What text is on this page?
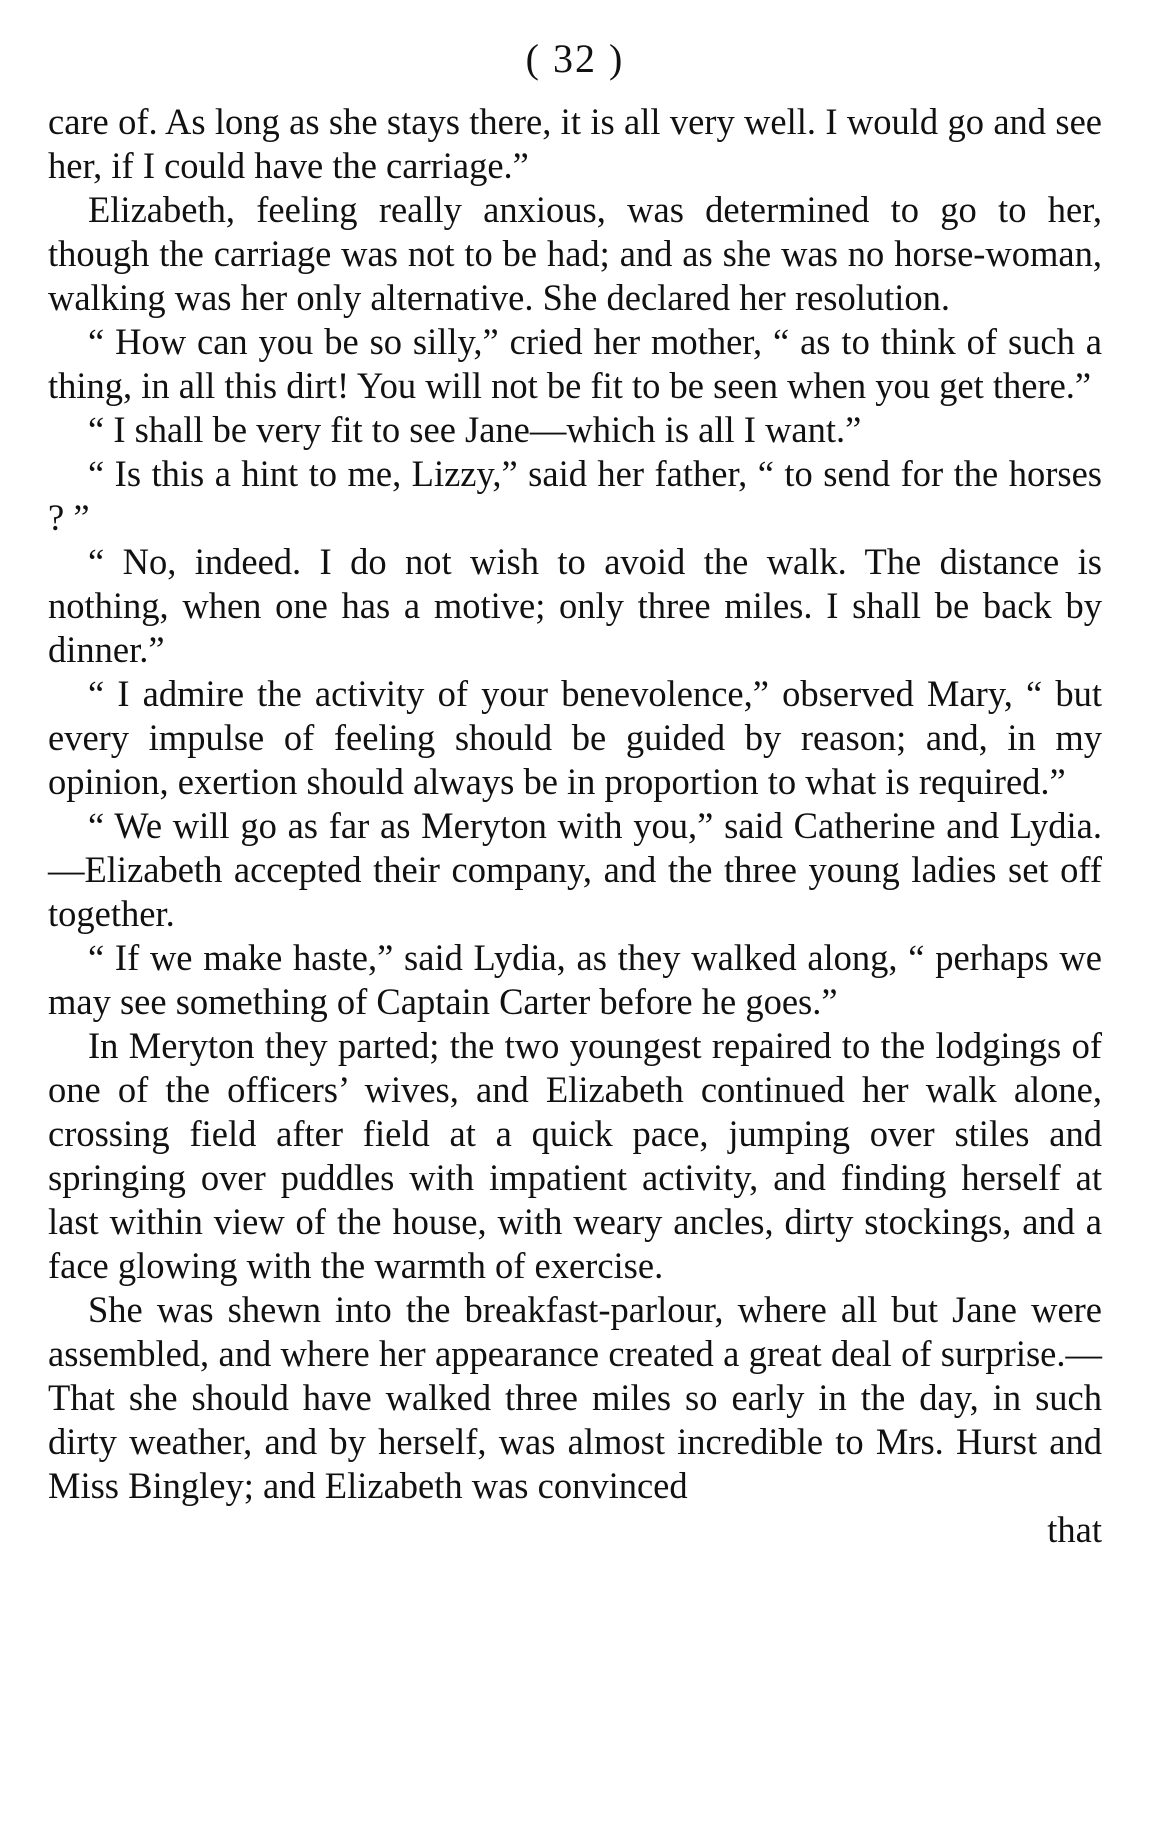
( 32 )

care of. As long as she stays there, it is all very well. I would go and see her, if I could have the carriage.”

Elizabeth, feeling really anxious, was determined to go to her, though the carriage was not to be had; and as she was no horse-woman, walking was her only alternative. She declared her resolution.

“ How can you be so silly,” cried her mother, “ as to think of such a thing, in all this dirt! You will not be fit to be seen when you get there.”

“ I shall be very fit to see Jane—which is all I want.”

“ Is this a hint to me, Lizzy,” said her father, “ to send for the horses ? ”

“ No, indeed. I do not wish to avoid the walk. The distance is nothing, when one has a motive; only three miles. I shall be back by dinner.”

“ I admire the activity of your benevolence,” observed Mary, “ but every impulse of feeling should be guided by reason; and, in my opinion, exertion should always be in proportion to what is required.”

“ We will go as far as Meryton with you,” said Catherine and Lydia.—Elizabeth accepted their company, and the three young ladies set off together.

“ If we make haste,” said Lydia, as they walked along, “ perhaps we may see something of Captain Carter before he goes.”

In Meryton they parted; the two youngest repaired to the lodgings of one of the officers’ wives, and Elizabeth continued her walk alone, crossing field after field at a quick pace, jumping over stiles and springing over puddles with impatient activity, and finding herself at last within view of the house, with weary ancles, dirty stockings, and a face glowing with the warmth of exercise.

She was shewn into the breakfast-parlour, where all but Jane were assembled, and where her appearance created a great deal of surprise.—That she should have walked three miles so early in the day, in such dirty weather, and by herself, was almost incredible to Mrs. Hurst and Miss Bingley; and Elizabeth was convinced

that
